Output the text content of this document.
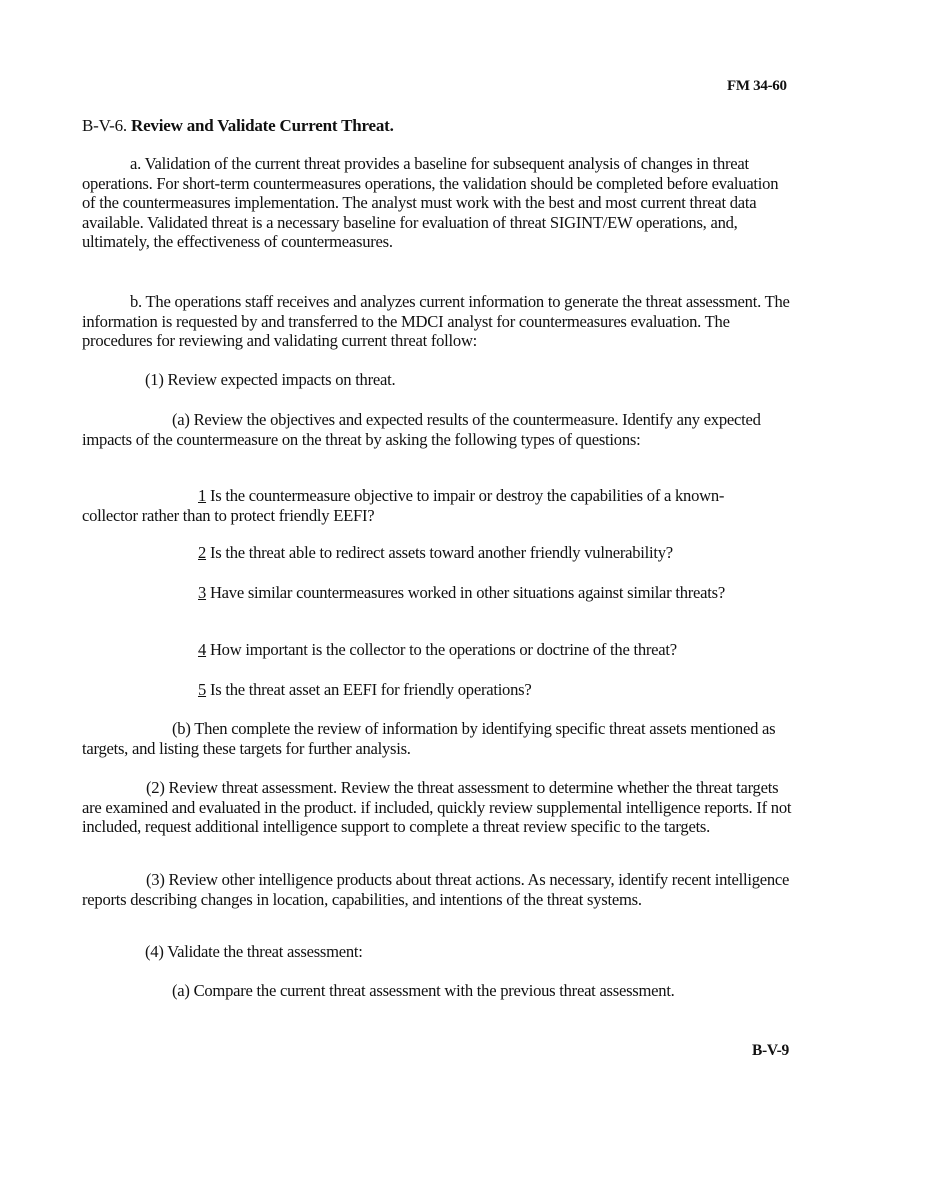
FM 34-60
B-V-6. Review and Validate Current Threat.

a. Validation of the current threat provides a baseline for subsequent analysis of changes in threat operations. For short-term countermeasures operations, the validation should be completed before evaluation of the countermeasures implementation. The analyst must work with the best and most current threat data available. Validated threat is a necessary baseline for evaluation of threat SIGINT/EW operations, and, ultimately, the effectiveness of countermeasures.

b. The operations staff receives and analyzes current information to generate the threat assessment. The information is requested by and transferred to the MDCI analyst for countermeasures evaluation. The procedures for reviewing and validating current threat follow:

(1) Review expected impacts on threat.

(a) Review the objectives and expected results of the countermeasure. Identify any expected impacts of the countermeasure on the threat by asking the following types of questions:

1 Is the countermeasure objective to impair or destroy the capabilities of a known-collector rather than to protect friendly EEFI?

2 Is the threat able to redirect assets toward another friendly vulnerability?

3 Have similar countermeasures worked in other situations against similar threats?

4 How important is the collector to the operations or doctrine of the threat?

5 Is the threat asset an EEFI for friendly operations?

(b) Then complete the review of information by identifying specific threat assets mentioned as targets, and listing these targets for further analysis.

(2) Review threat assessment. Review the threat assessment to determine whether the threat targets are examined and evaluated in the product. if included, quickly review supplemental intelligence reports. If not included, request additional intelligence support to complete a threat review specific to the targets.

(3) Review other intelligence products about threat actions. As necessary, identify recent intelligence reports describing changes in location, capabilities, and intentions of the threat systems.

(4) Validate the threat assessment:

(a) Compare the current threat assessment with the previous threat assessment.

B-V-9
